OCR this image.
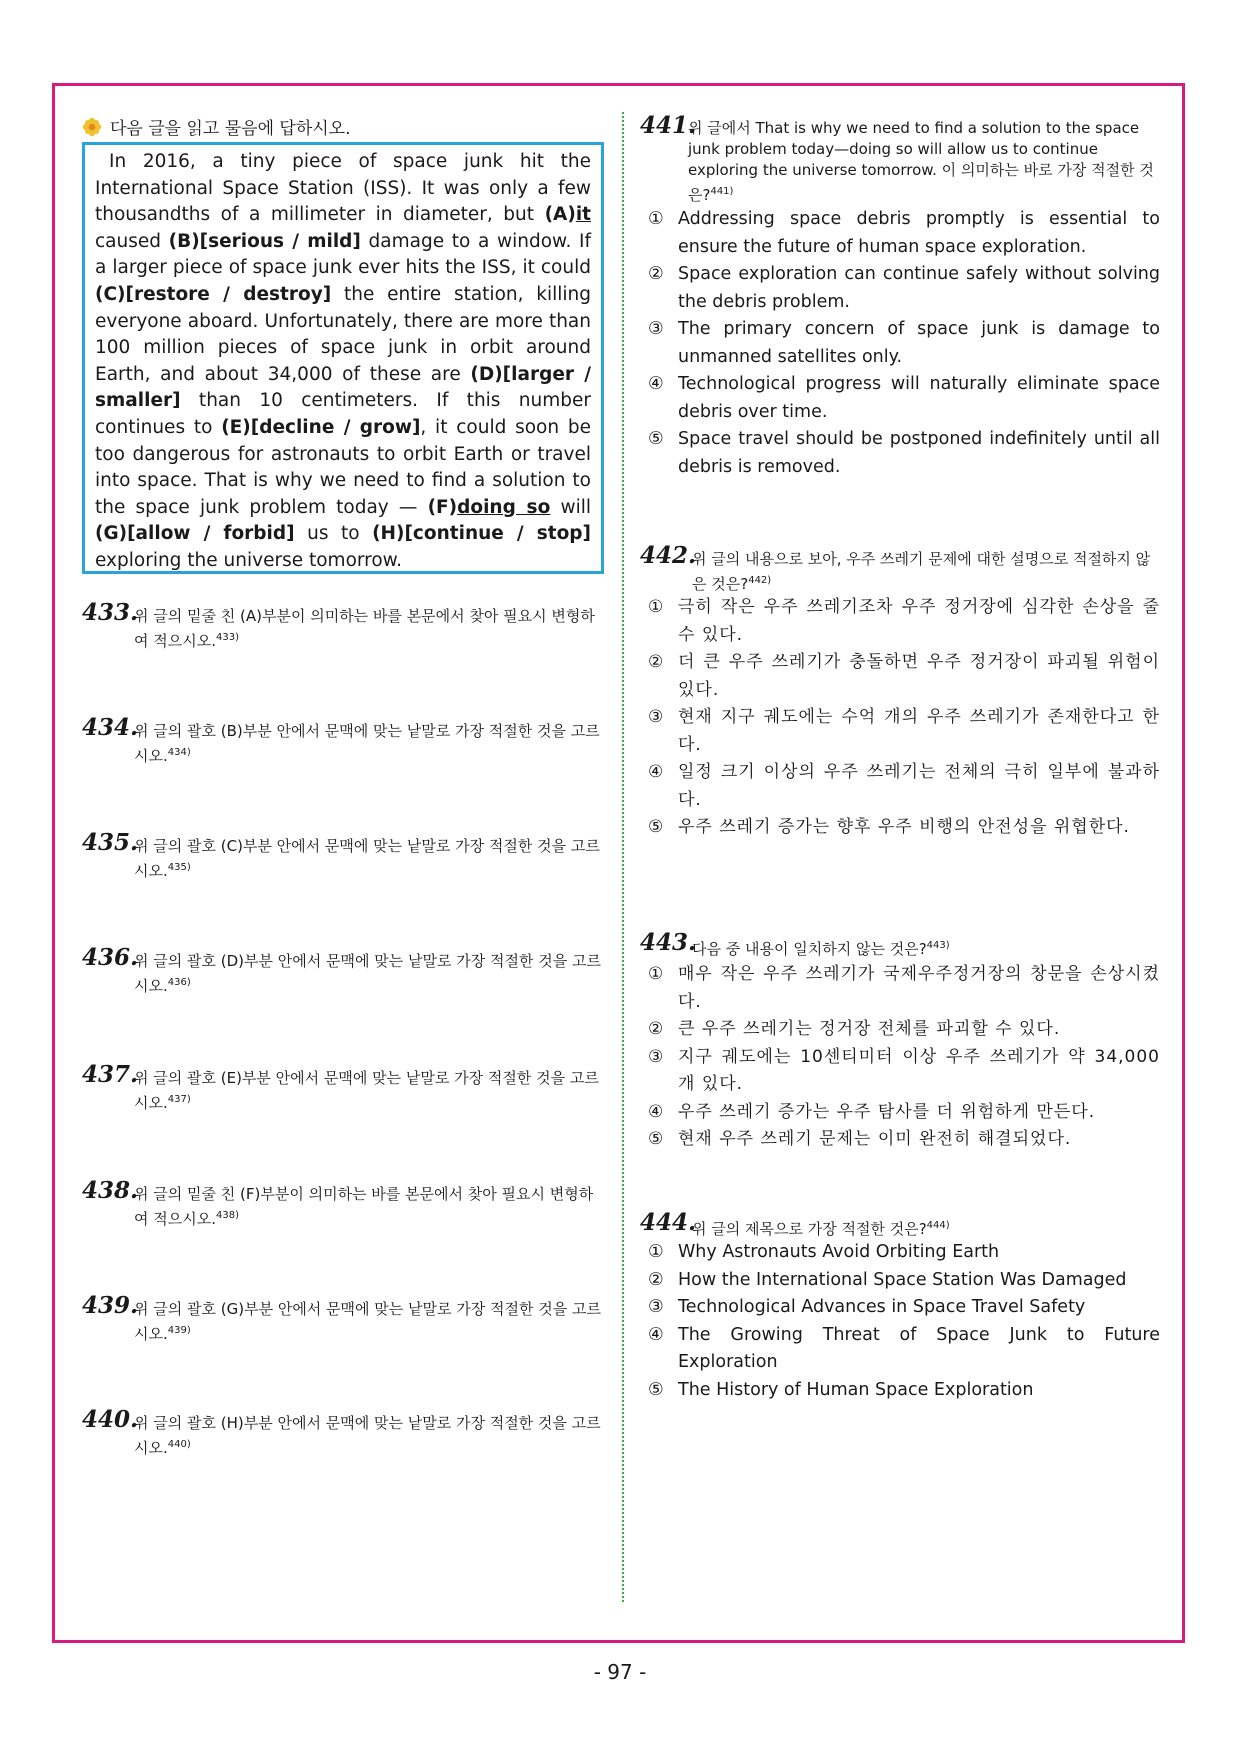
다음 글을 읽고 물음에 답하시오.

In 2016, a tiny piece of space junk hit the International Space Station (ISS). It was only a few thousandths of a millimeter in diameter, but (A)it caused (B)[serious / mild] damage to a window. If a larger piece of space junk ever hits the ISS, it could (C)[restore / destroy] the entire station, killing everyone aboard. Unfortunately, there are more than 100 million pieces of space junk in orbit around Earth, and about 34,000 of these are (D)[larger / smaller] than 10 centimeters. If this number continues to (E)[decline / grow], it could soon be too dangerous for astronauts to orbit Earth or travel into space. That is why we need to find a solution to the space junk problem today — (F)doing so will (G)[allow / forbid] us to (H)[continue / stop] exploring the universe tomorrow.

433.
위 글의 밑줄 친 (A)부분이 의미하는 바를 본문에서 찾아 필요시 변형하여 적으시오.$^{433)}$
434.
위 글의 괄호 (B)부분 안에서 문맥에 맞는 낱말로 가장 적절한 것을 고르시오.$^{434)}$
435.
위 글의 괄호 (C)부분 안에서 문맥에 맞는 낱말로 가장 적절한 것을 고르시오.$^{435)}$
436.
위 글의 괄호 (D)부분 안에서 문맥에 맞는 낱말로 가장 적절한 것을 고르시오.$^{436)}$
437.
위 글의 괄호 (E)부분 안에서 문맥에 맞는 낱말로 가장 적절한 것을 고르시오.$^{437)}$
438.
위 글의 밑줄 친 (F)부분이 의미하는 바를 본문에서 찾아 필요시 변형하여 적으시오.$^{438)}$
439.
위 글의 괄호 (G)부분 안에서 문맥에 맞는 낱말로 가장 적절한 것을 고르시오.$^{439)}$
440.
위 글의 괄호 (H)부분 안에서 문맥에 맞는 낱말로 가장 적절한 것을 고르시오.$^{440)}$
441.
위 글에서 That is why we need to find a solution to the space junk problem today—doing so will allow us to continue exploring the universe tomorrow. 이 의미하는 바로 가장 적절한 것은?$^{441)}$
① Addressing space debris promptly is essential to ensure the future of human space exploration.
② Space exploration can continue safely without solving the debris problem.
③ The primary concern of space junk is damage to unmanned satellites only.
④ Technological progress will naturally eliminate space debris over time.
⑤ Space travel should be postponed indefinitely until all debris is removed.
442.
위 글의 내용으로 보아, 우주 쓰레기 문제에 대한 설명으로 적절하지 않은 것은?$^{442)}$
① 극히 작은 우주 쓰레기조차 우주 정거장에 심각한 손상을 줄 수 있다.
② 더 큰 우주 쓰레기가 충돌하면 우주 정거장이 파괴될 위험이 있다.
③ 현재 지구 궤도에는 수억 개의 우주 쓰레기가 존재한다고 한다.
④ 일정 크기 이상의 우주 쓰레기는 전체의 극히 일부에 불과하다.
⑤ 우주 쓰레기 증가는 향후 우주 비행의 안전성을 위협한다.
443.
다음 중 내용이 일치하지 않는 것은?$^{443)}$
① 매우 작은 우주 쓰레기가 국제우주정거장의 창문을 손상시켰다.
② 큰 우주 쓰레기는 정거장 전체를 파괴할 수 있다.
③ 지구 궤도에는 10센티미터 이상 우주 쓰레기가 약 34,000개 있다.
④ 우주 쓰레기 증가는 우주 탐사를 더 위험하게 만든다.
⑤ 현재 우주 쓰레기 문제는 이미 완전히 해결되었다.
444.
위 글의 제목으로 가장 적절한 것은?$^{444)}$
① Why Astronauts Avoid Orbiting Earth
② How the International Space Station Was Damaged
③ Technological Advances in Space Travel Safety
④ The Growing Threat of Space Junk to Future Exploration
⑤ The History of Human Space Exploration
- 97 -
